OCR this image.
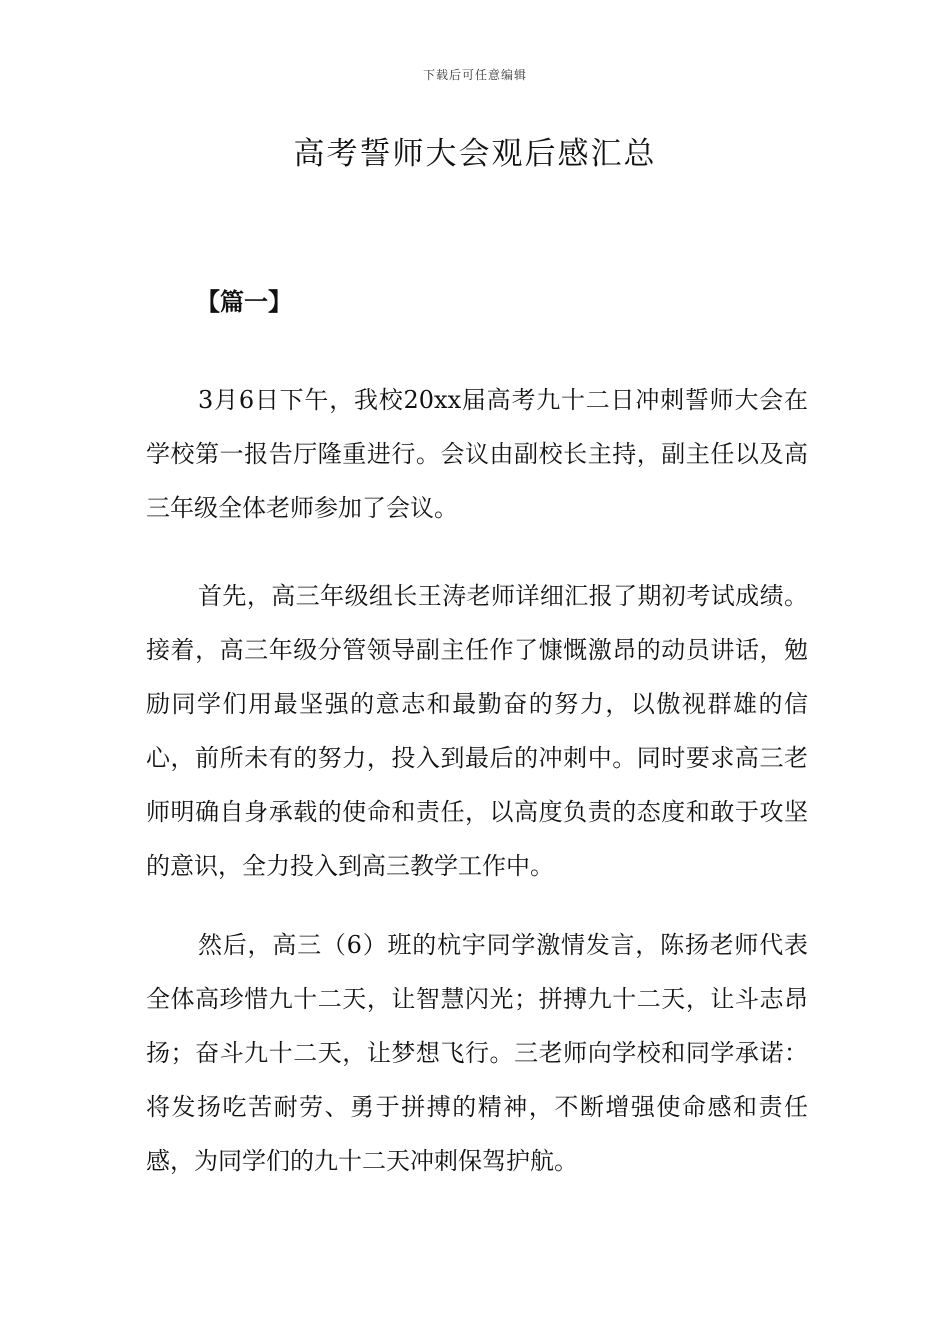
下载后可任意编辑
高考誓师大会观后感汇总
【篇一】

3月6日下午，我校20xx届高考九十二日冲刺誓师大会在学校第一报告厅隆重进行。会议由副校长主持，副主任以及高三年级全体老师参加了会议。

首先，高三年级组长王涛老师详细汇报了期初考试成绩。接着，高三年级分管领导副主任作了慷慨激昂的动员讲话，勉励同学们用最坚强的意志和最勤奋的努力，以傲视群雄的信心，前所未有的努力，投入到最后的冲刺中。同时要求高三老师明确自身承载的使命和责任，以高度负责的态度和敢于攻坚的意识，全力投入到高三教学工作中。

然后，高三（6）班的杭宇同学激情发言，陈扬老师代表全体高珍惜九十二天，让智慧闪光；拼搏九十二天，让斗志昂扬；奋斗九十二天，让梦想飞行。三老师向学校和同学承诺：将发扬吃苦耐劳、勇于拼搏的精神，不断增强使命感和责任感，为同学们的九十二天冲刺保驾护航。
